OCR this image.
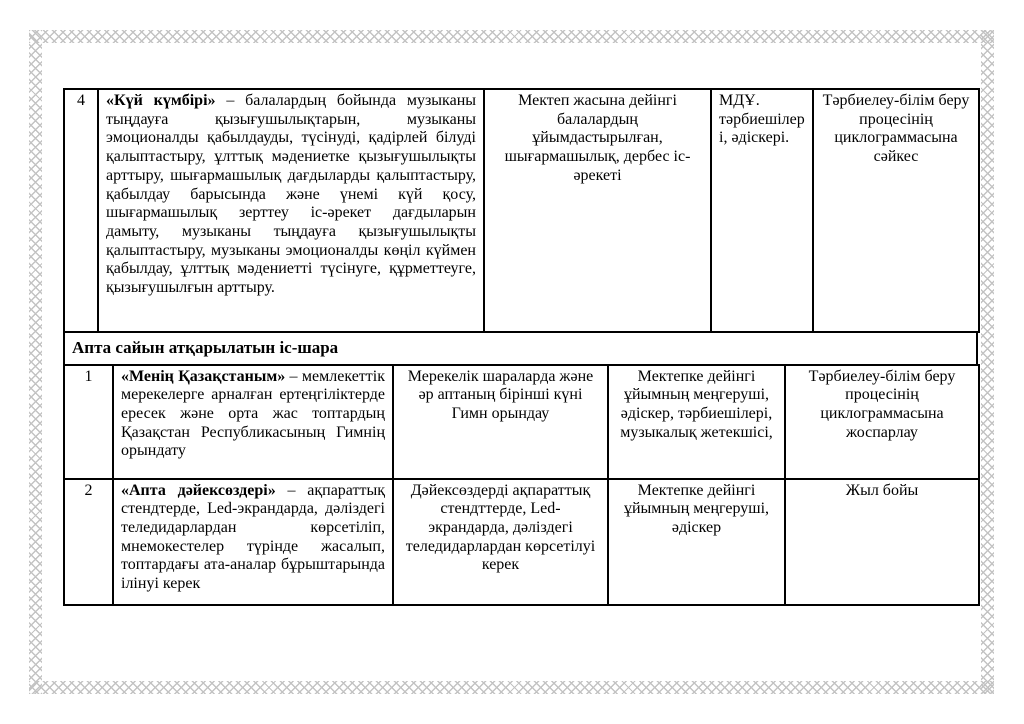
4	«Күй күмбірі» – балалардың бойында музыканы тыңдауға қызығушылықтарын, музыканы эмоционалды қабылдауды, түсінуді, қадірлей білуді қалыптастыру, ұлттық мәдениетке қызығушылықты арттыру, шығармашылық дағдыларды қалыптастыру, қабылдау барысында және үнемі күй қосу, шығармашылық зерттеу іс-әрекет дағдыларын дамыту, музыканы тыңдауға қызығушылықты қалыптастыру, музыканы эмоционалды көңіл күймен қабылдау, ұлттық мәдениетті түсінуге, құрметтеуге, қызығушылғын арттыру.	Мектеп жасына дейінгі балалардың ұйымдастырылған, шығармашылық, дербес іс-әрекеті	МДҰ. тәрбиешілері, әдіскері.	Тәрбиелеу-білім беру процесінің циклограммасына сәйкес
Апта сайын атқарылатын іс-шара
1	«Менің Қазақстаным» – мемлекеттік мерекелерге арналған ертеңгіліктерде ересек және орта жас топтардың Қазақстан Республикасының Гимнің орындату	Мерекелік шараларда және әр аптаның бірінші күні Гимн орындау	Мектепке дейінгі ұйымның меңгеруші, әдіскер, тәрбиешілері, музыкалық жетекшісі,	Тәрбиелеу-білім беру процесінің циклограммасына жоспарлау
2	«Апта дәйексөздері» – ақпараттық стендтерде, Led-экрандарда, дәліздегі теледидарлардан көрсетіліп, мнемокестелер түрінде жасалып, топтардағы ата-аналар бұрыштарында ілінуі керек	Дәйексөздерді ақпараттық стендттерде, Led-экрандарда, дәліздегі теледидарлардан көрсетілуі керек	Мектепке дейінгі ұйымның меңгеруші, әдіскер	Жыл бойы
